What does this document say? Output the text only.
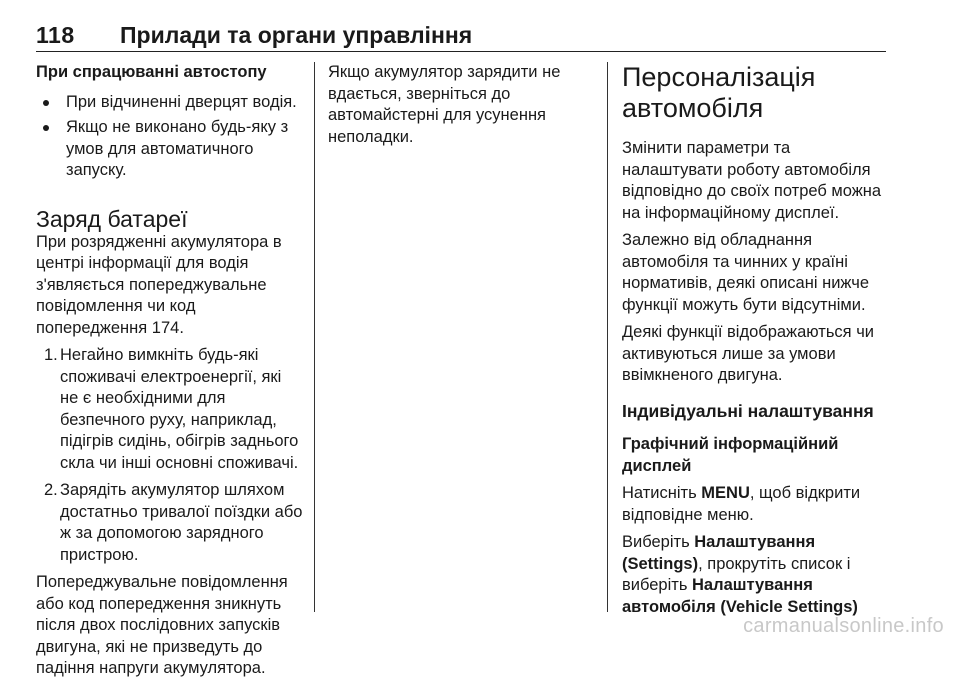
118 Прилади та органи управління

При спрацюванні автостопу

При відчиненні дверцят водія.
Якщо не виконано будь-яку з умов для автоматичного запуску.
Заряд батареї

При розрядженні акумулятора в центрі інформації для водія з'являється попереджувальне повідомлення чи код попередження 174.

1. Негайно вимкніть будь-які споживачі електроенергії, які не є необхідними для безпечного руху, наприклад, підігрів сидінь, обігрів заднього скла чи інші основні споживачі.
2. Зарядіть акумулятор шляхом достатньо тривалої поїздки або ж за допомогою зарядного пристрою.

Попереджувальне повідомлення або код попередження зникнуть після двох послідовних запусків двигуна, які не призведуть до падіння напруги акумулятора.

Якщо акумулятор зарядити не вдається, зверніться до автомайстерні для усунення неполадки.

Персоналізація автомобіля

Змінити параметри та налаштувати роботу автомобіля відповідно до своїх потреб можна на інформаційному дисплеї.

Залежно від обладнання автомобіля та чинних у країні нормативів, деякі описані нижче функції можуть бути відсутніми.

Деякі функції відображаються чи активуються лише за умови ввімкненого двигуна.

Індивідуальні налаштування

Графічний інформаційний дисплей

Натисніть MENU, щоб відкрити відповідне меню.

Виберіть Налаштування (Settings), прокрутіть список і виберіть Налаштування автомобіля (Vehicle Settings)

carmanualsonline.info
